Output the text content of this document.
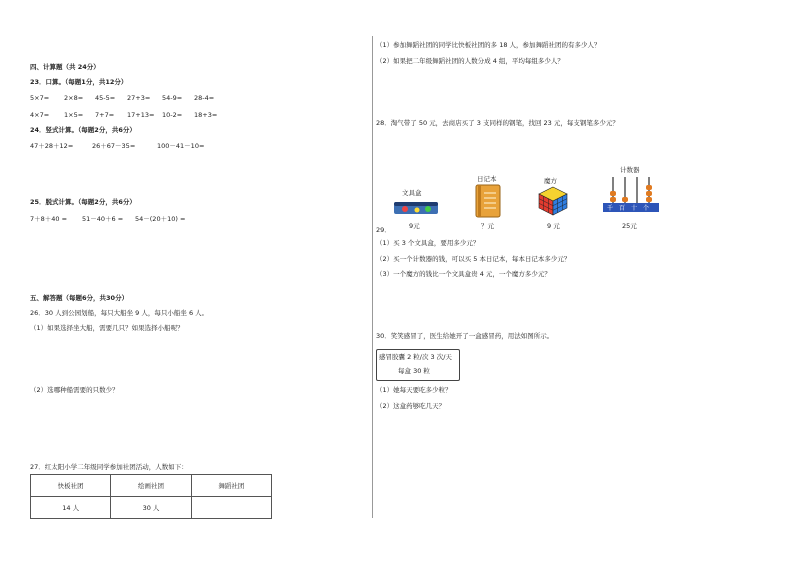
四、计算题（共 24分）
23．口算。（每题1分，共12分）
5×7= 2×8= 45-5= 27+3= 54-9= 28-4=
4×7= 1×5= 7+7= 17+13= 10-2= 18+3=
24．竖式计算。（每题2分，共6分）
47＋28＋12=	26＋67－35=	100－41－10=
25．脱式计算。（每题2分，共6分）
7＋8＋40 = 51－40＋6 = 54－(20＋10) =
五、解答题（每题6分，共30分）
26．30 人到公园划船，每只大船坐 9 人，每只小船坐 6 人。
（1）如果选择坐大船，需要几只？如果选择小船呢？
（2）选哪种船需要的只数少？
27．红太阳小学二年级同学参加社团活动，人数如下：
快板社团	绘画社团	舞蹈社团
14 人	30 人	
（1）参加舞蹈社团的同学比快板社团的多 18 人，参加舞蹈社团的有多少人？
（2）如果把二年级舞蹈社团的人数分成 4 组，平均每组多少人？
28．淘气带了 50 元，去商店买了 3 支同样的钢笔，找回 23 元，每支钢笔多少元？
文具盒
9元
日记本
？元
魔方
9 元
计数器
千 百 十 个
25元
29．
（1）买 3 个文具盒，要用多少元？
（2）买一个计数器的钱，可以买 5 本日记本，每本日记本多少元？
（3）一个魔方的钱比一个文具盒贵 4 元，一个魔方多少元？
30．笑笑感冒了，医生给她开了一盒感冒药，用法如图所示。
感冒胶囊 2 粒/次 3 次/天
每盒 30 粒
（1）她每天要吃多少粒？
（2）这盒药够吃几天？
